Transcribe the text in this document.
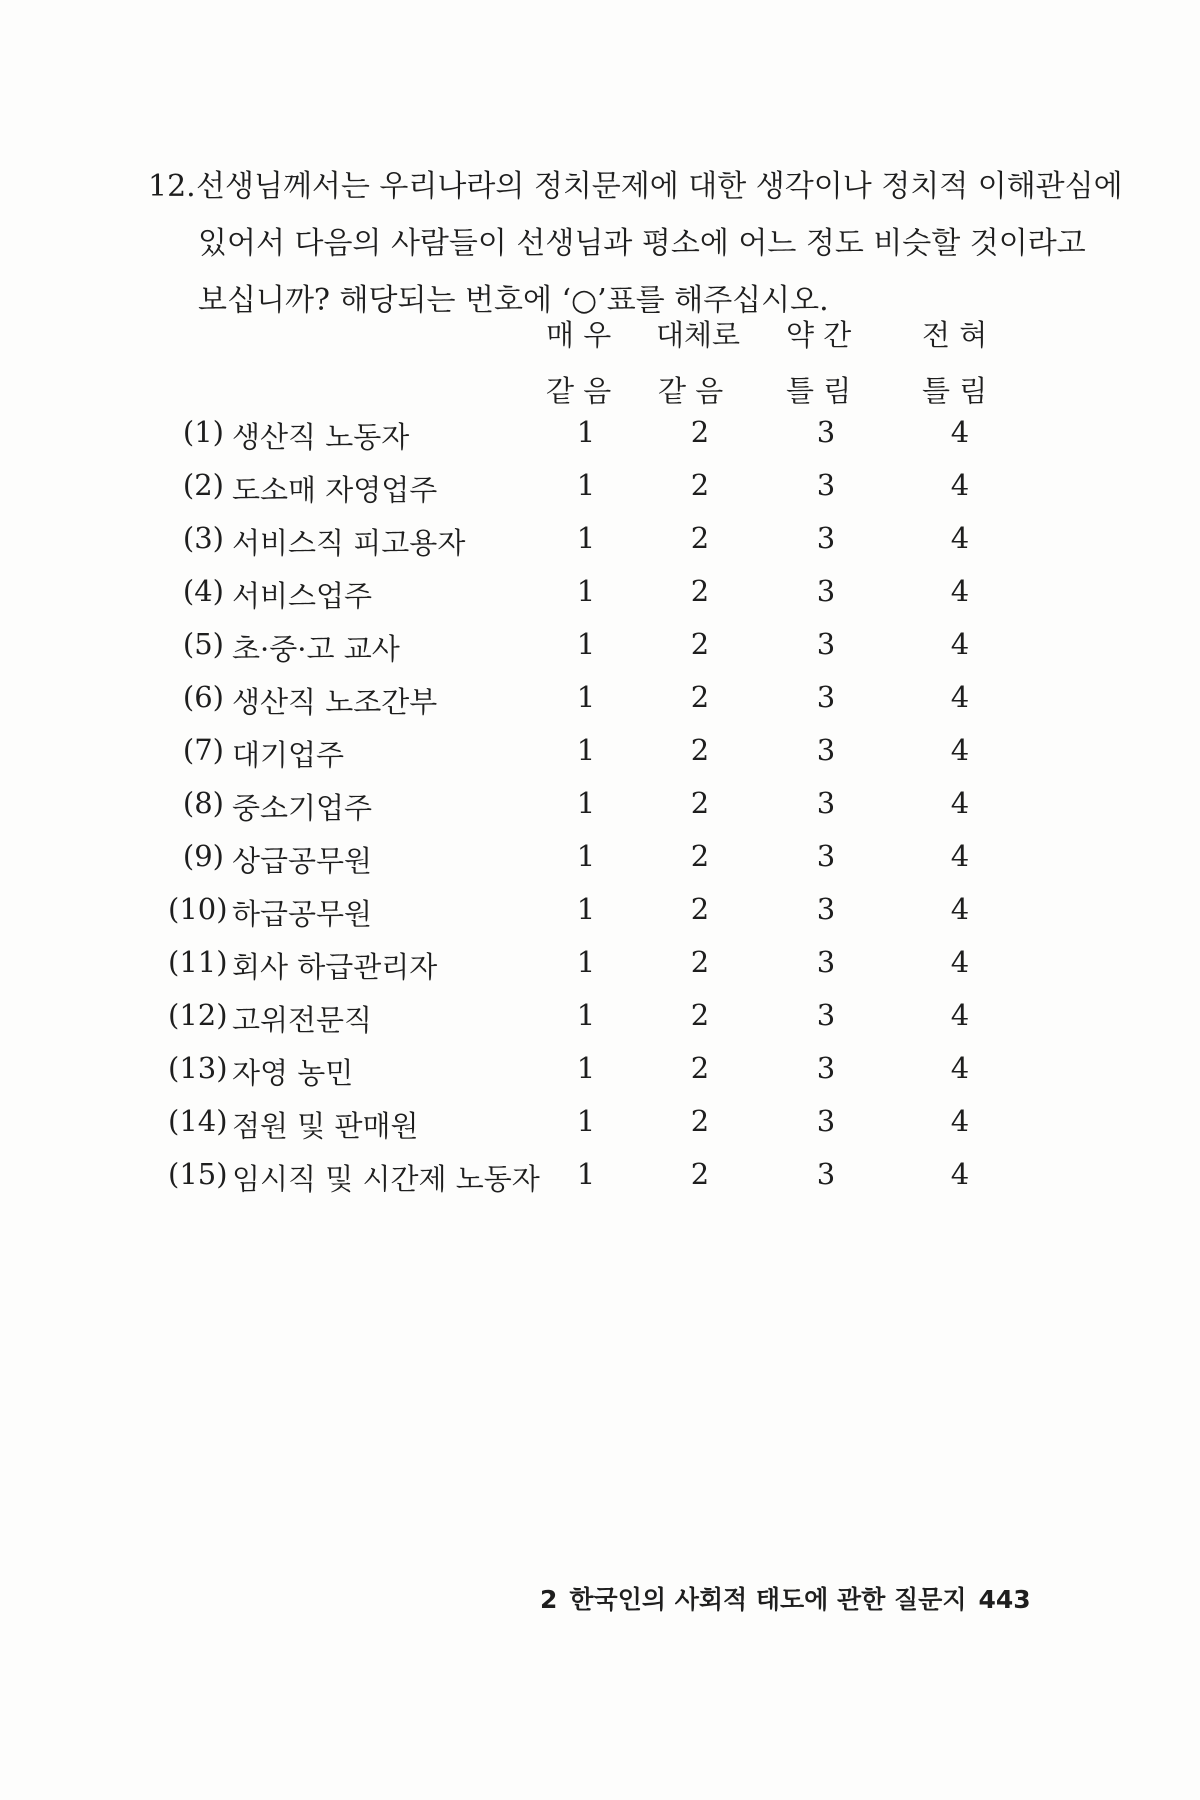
12.선생님께서는 우리나라의 정치문제에 대한 생각이나 정치적 이해관심에
있어서 다음의 사람들이 선생님과 평소에 어느 정도 비슷할 것이라고
보십니까? 해당되는 번호에 ‘○’표를 해주십시오.
매 우
같 음
대체로
같 음
약 간
틀 림
전 혀
틀 림
(1) 생산직 노동자	1	2	3	4
(2) 도소매 자영업주	1	2	3	4
(3) 서비스직 피고용자	1	2	3	4
(4) 서비스업주	1	2	3	4
(5) 초·중·고 교사	1	2	3	4
(6) 생산직 노조간부	1	2	3	4
(7) 대기업주	1	2	3	4
(8) 중소기업주	1	2	3	4
(9) 상급공무원	1	2	3	4
(10) 하급공무원	1	2	3	4
(11) 회사 하급관리자	1	2	3	4
(12) 고위전문직	1	2	3	4
(13) 자영 농민	1	2	3	4
(14) 점원 및 판매원	1	2	3	4
(15) 임시직 및 시간제 노동자	1	2	3	4
2 한국인의 사회적 태도에 관한 질문지 443
